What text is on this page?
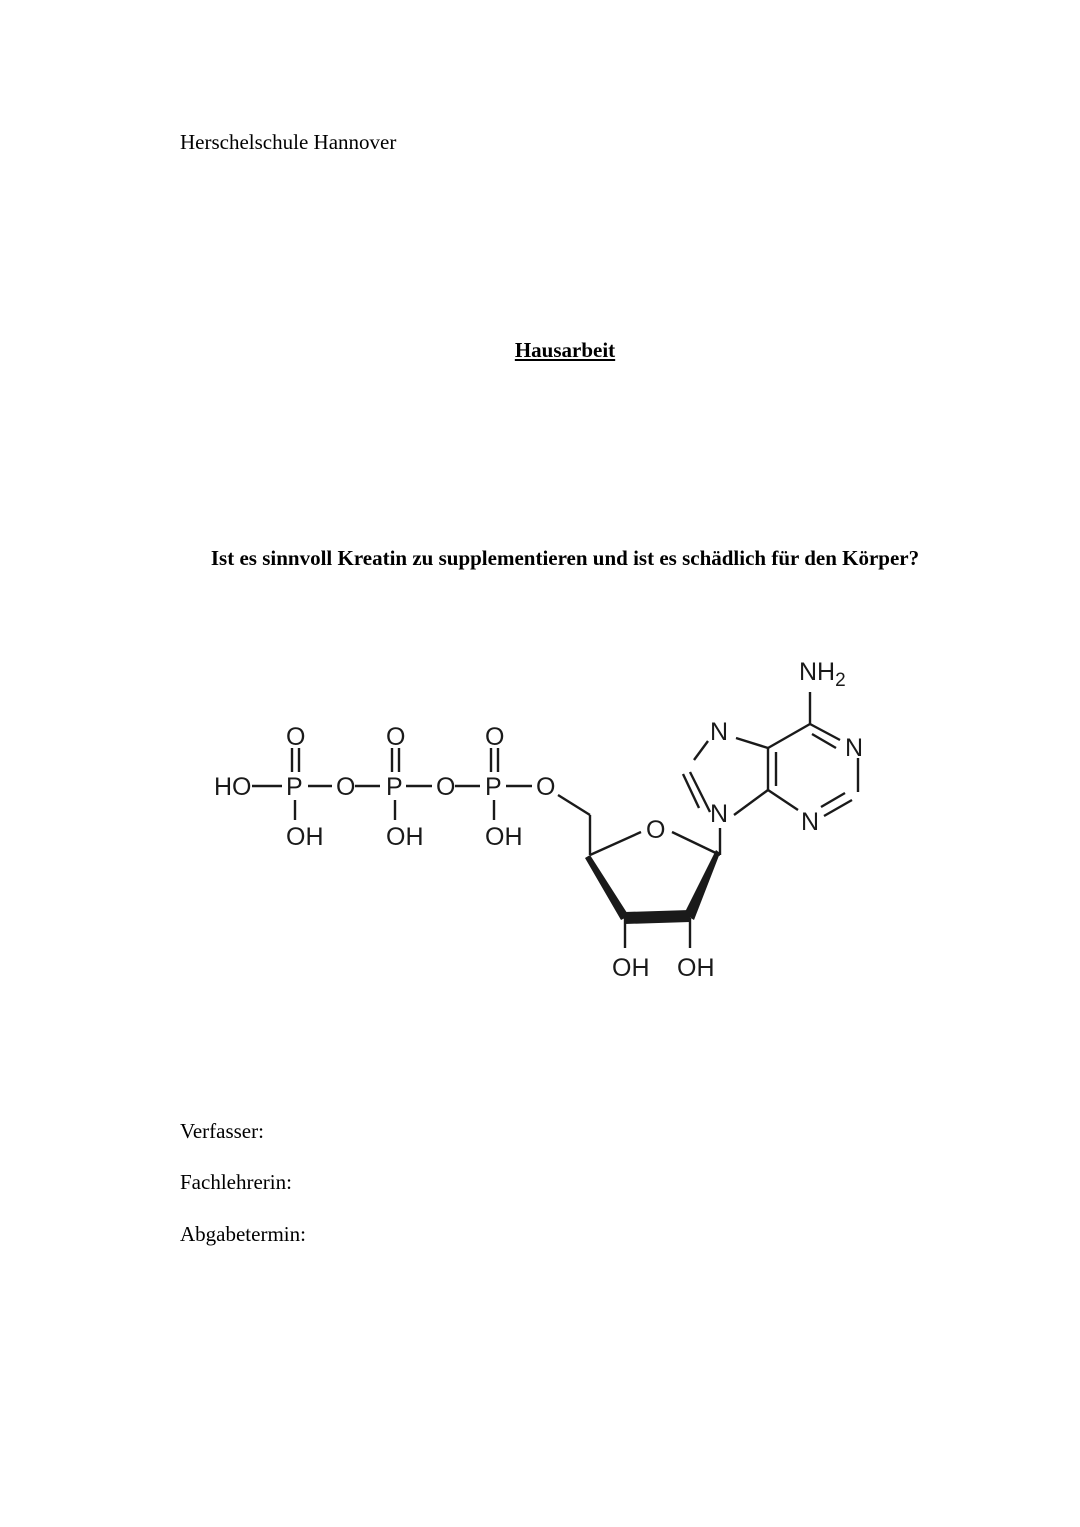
Herschelschule Hannover
Hausarbeit
Ist es sinnvoll Kreatin zu supplementieren und ist es schädlich für den Körper?
HO P O P O P O
O	O	O
OH	OH OH	O
OH OH
N
N
N
N
$NH_2$
Verfasser:
Fachlehrerin:
Abgabetermin:
